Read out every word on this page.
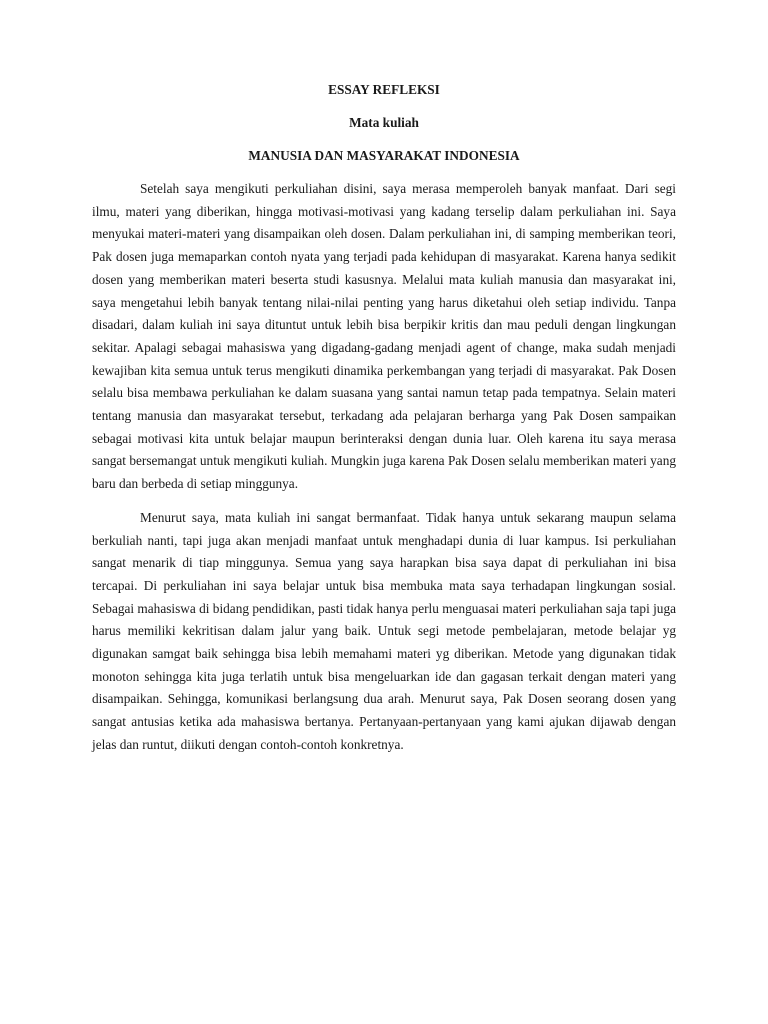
ESSAY REFLEKSI

Mata kuliah

MANUSIA DAN MASYARAKAT INDONESIA

Setelah saya mengikuti perkuliahan disini, saya merasa memperoleh banyak manfaat. Dari segi ilmu, materi yang diberikan, hingga motivasi-motivasi yang kadang terselip dalam perkuliahan ini. Saya menyukai materi-materi yang disampaikan oleh dosen. Dalam perkuliahan ini, di samping memberikan teori, Pak dosen juga memaparkan contoh nyata yang terjadi pada kehidupan di masyarakat. Karena hanya sedikit dosen yang memberikan materi beserta studi kasusnya. Melalui mata kuliah manusia dan masyarakat ini, saya mengetahui lebih banyak tentang nilai-nilai penting yang harus diketahui oleh setiap individu. Tanpa disadari, dalam kuliah ini saya dituntut untuk lebih bisa berpikir kritis dan mau peduli dengan lingkungan sekitar. Apalagi sebagai mahasiswa yang digadang-gadang menjadi agent of change, maka sudah menjadi kewajiban kita semua untuk terus mengikuti dinamika perkembangan yang terjadi di masyarakat. Pak Dosen selalu bisa membawa perkuliahan ke dalam suasana yang santai namun tetap pada tempatnya. Selain materi tentang manusia dan masyarakat tersebut, terkadang ada pelajaran berharga yang Pak Dosen sampaikan sebagai motivasi kita untuk belajar maupun berinteraksi dengan dunia luar. Oleh karena itu saya merasa sangat bersemangat untuk mengikuti kuliah. Mungkin juga karena Pak Dosen selalu memberikan materi yang baru dan berbeda di setiap minggunya.

Menurut saya, mata kuliah ini sangat bermanfaat. Tidak hanya untuk sekarang maupun selama berkuliah nanti, tapi juga akan menjadi manfaat untuk menghadapi dunia di luar kampus. Isi perkuliahan sangat menarik di tiap minggunya. Semua yang saya harapkan bisa saya dapat di perkuliahan ini bisa tercapai. Di perkuliahan ini saya belajar untuk bisa membuka mata saya terhadapan lingkungan sosial. Sebagai mahasiswa di bidang pendidikan, pasti tidak hanya perlu menguasai materi perkuliahan saja tapi juga harus memiliki kekritisan dalam jalur yang baik. Untuk segi metode pembelajaran, metode belajar yg digunakan samgat baik sehingga bisa lebih memahami materi yg diberikan. Metode yang digunakan tidak monoton sehingga kita juga terlatih untuk bisa mengeluarkan ide dan gagasan terkait dengan materi yang disampaikan. Sehingga, komunikasi berlangsung dua arah. Menurut saya, Pak Dosen seorang dosen yang sangat antusias ketika ada mahasiswa bertanya. Pertanyaan-pertanyaan yang kami ajukan dijawab dengan jelas dan runtut, diikuti dengan contoh-contoh konkretnya.
